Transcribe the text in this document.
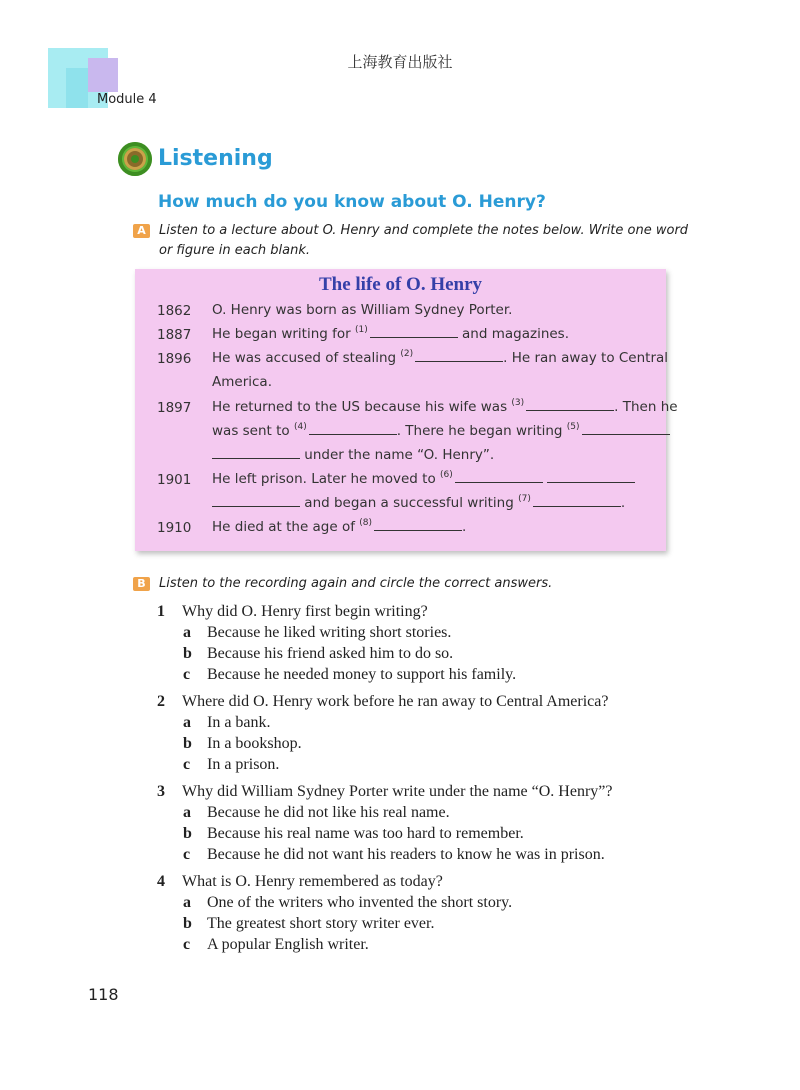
上海教育出版社
Module 4
Listening
How much do you know about O. Henry?
A	Listen to a lecture about O. Henry and complete the notes below. Write one word
or figure in each blank.
The life of O. Henry
1862 O. Henry was born as William Sydney Porter.
1887 He began writing for $^{(1)}$	and magazines.
1896 He was accused of stealing $^{(2)}$	. He ran away to Central
America.
1897 He returned to the US because his wife was $^{(3)}$	. Then he
was sent to $^{(4)}$	. There he began writing $^{(5)}$
under the name “O. Henry”.
1901 He left prison. Later he moved to $^{(6)}$
and began a successful writing $^{(7)}$	.
1910 He died at the age of $^{(8)}$	.
B	Listen to the recording again and circle the correct answers.
1 Why did O. Henry first begin writing?
a Because he liked writing short stories.
b Because his friend asked him to do so.
c Because he needed money to support his family.
2 Where did O. Henry work before he ran away to Central America?
a In a bank.
b In a bookshop.
c In a prison.
3 Why did William Sydney Porter write under the name “O. Henry”?
a Because he did not like his real name.
b Because his real name was too hard to remember.
c Because he did not want his readers to know he was in prison.
4 What is O. Henry remembered as today?
a One of the writers who invented the short story.
b The greatest short story writer ever.
c A popular English writer.
118
